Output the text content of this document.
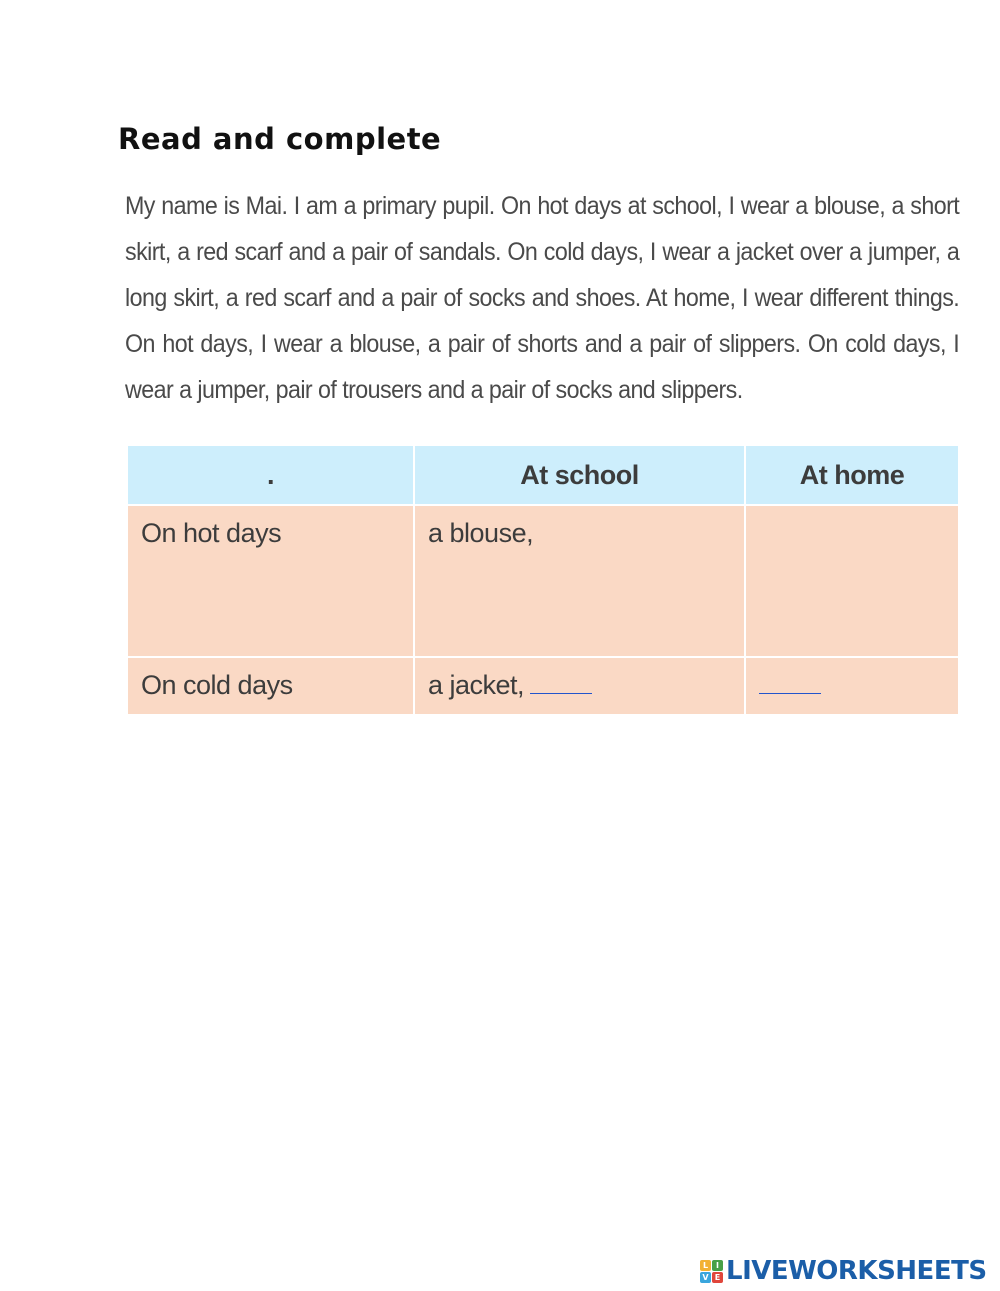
Read and complete
My name is Mai. I am a primary pupil. On hot days at school, I wear a blouse, a short skirt, a red scarf and a pair of sandals. On cold days, I wear a jacket over a jumper, a long skirt, a red scarf and a pair of socks and shoes. At home, I wear different things. On hot days, I wear a blouse, a pair of shorts and a pair of slippers. On cold days, I wear a jumper, pair of trousers and a pair of socks and slippers.
.	At school	At home
On hot days	a blouse,	
On cold days	a jacket,	
L I
V E LIVEWORKSHEETS
